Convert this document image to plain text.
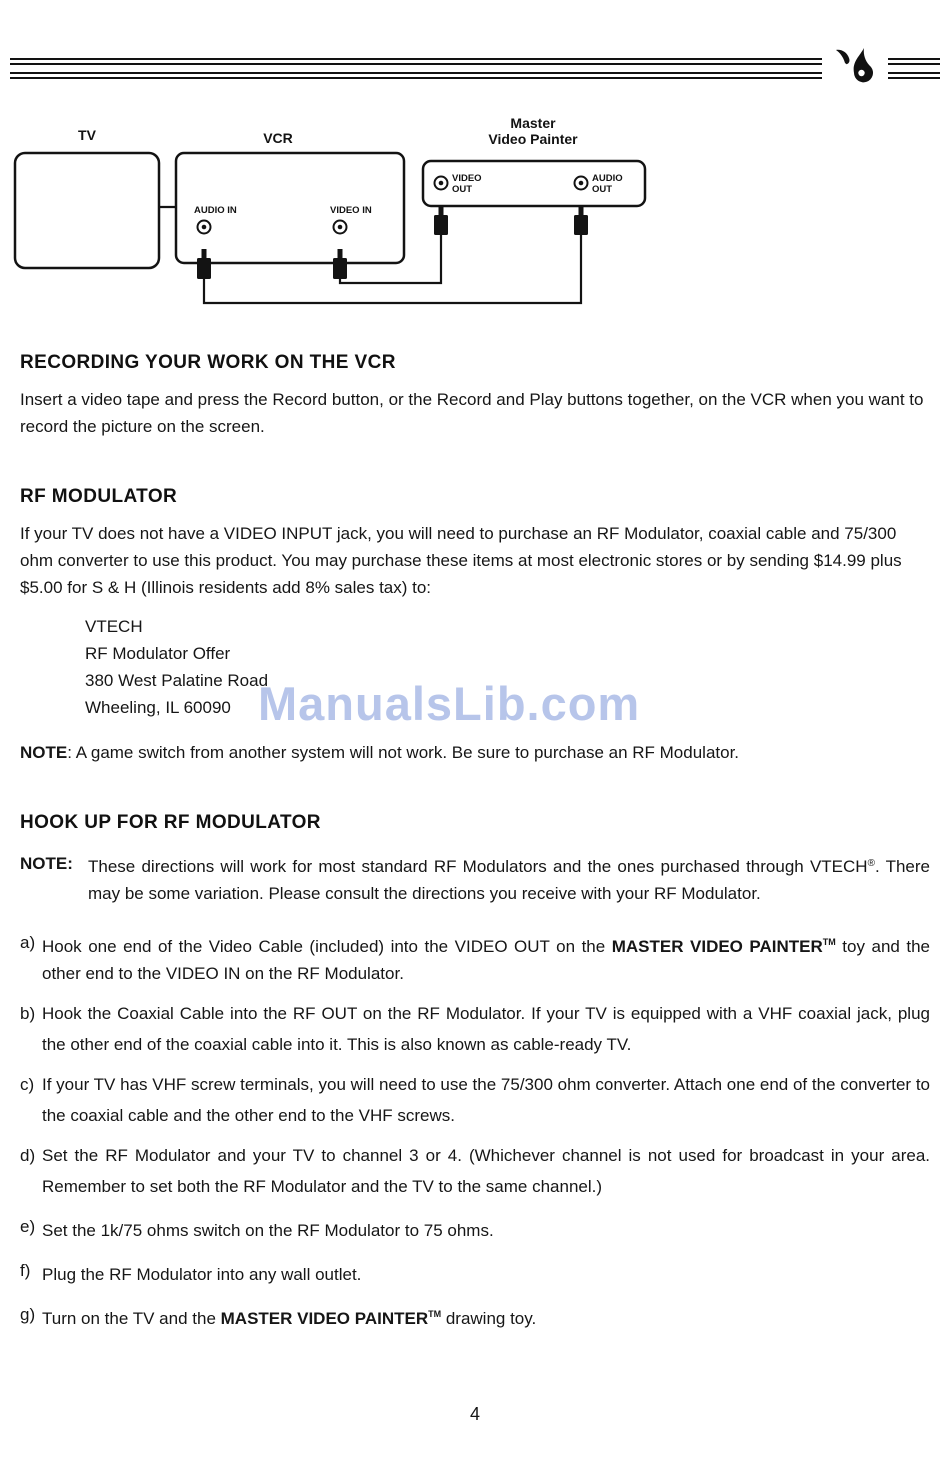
TV	VCR
Master
Video Painter
VIDEO
OUT
AUDIO
OUT
AUDIO IN	VIDEO IN
RECORDING YOUR WORK ON THE VCR

Insert a video tape and press the Record button, or the Record and Play buttons together, on the VCR when you want to record the picture on the screen.

RF MODULATOR

If your TV does not have a VIDEO INPUT jack, you will need to purchase an RF Modulator, coaxial cable and 75/300 ohm converter to use this product. You may purchase these items at most electronic stores or by sending $14.99 plus $5.00 for S & H (Illinois residents add 8% sales tax) to:

VTECH
RF Modulator Offer
380 West Palatine Road
Wheeling, IL 60090

NOTE: A game switch from another system will not work. Be sure to purchase an RF Modulator.

HOOK UP FOR RF MODULATOR
NOTE: These directions will work for most standard RF Modulators and the ones purchased through VTECH®. There may be some variation. Please consult the directions you receive with your RF Modulator.
a) Hook one end of the Video Cable (included) into the VIDEO OUT on the MASTER VIDEO PAINTER™ toy and the other end to the VIDEO IN on the RF Modulator.
b) Hook the Coaxial Cable into the RF OUT on the RF Modulator. If your TV is equipped with a VHF coaxial jack, plug the other end of the coaxial cable into it. This is also known as cable-ready TV.
c) If your TV has VHF screw terminals, you will need to use the 75/300 ohm converter. Attach one end of the converter to the coaxial cable and the other end to the VHF screws.
d) Set the RF Modulator and your TV to channel 3 or 4. (Whichever channel is not used for broadcast in your area. Remember to set both the RF Modulator and the TV to the same channel.)
e) Set the 1k/75 ohms switch on the RF Modulator to 75 ohms.
f) Plug the RF Modulator into any wall outlet.
g) Turn on the TV and the MASTER VIDEO PAINTER™ drawing toy.
ManualsLib.com
4
